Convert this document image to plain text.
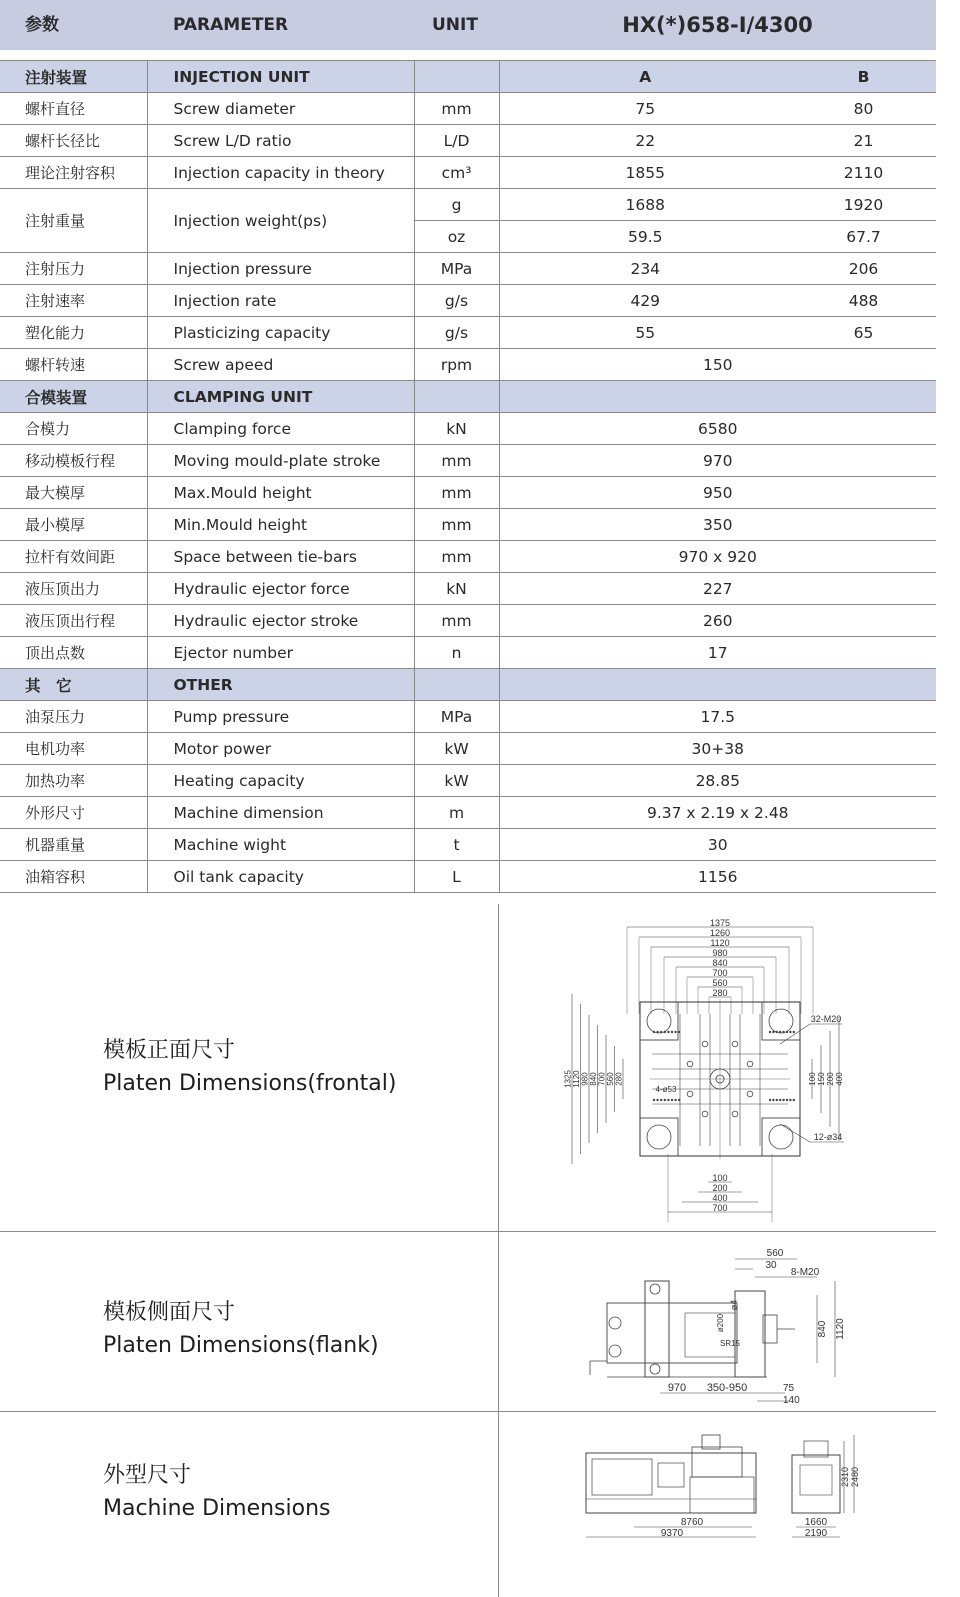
参数	PARAMETER	UNIT	HX(*)658-Ⅰ/4300
注射装置	INJECTION UNIT		A	B
螺杆直径	Screw diameter	mm	75	80
螺杆长径比	Screw L/D ratio	L/D	22	21
理论注射容积	Injection capacity in theory	cm³	1855	2110
注射重量	Injection weight(ps)	g	1688	1920
		oz	59.5	67.7
注射压力	Injection pressure	MPa	234	206
注射速率	Injection rate	g/s	429	488
塑化能力	Plasticizing capacity	g/s	55	65
螺杆转速	Screw apeed	rpm	150	
合模装置	CLAMPING UNIT			
合模力	Clamping force	kN	6580	
移动模板行程	Moving mould-plate stroke	mm	970	
最大模厚	Max.Mould height	mm	950	
最小模厚	Min.Mould height	mm	350	
拉杆有效间距	Space between tie-bars	mm	970 x 920	
液压顶出力	Hydraulic ejector force	kN	227	
液压顶出行程	Hydraulic ejector stroke	mm	260	
顶出点数	Ejector number	n	17	
其　它	OTHER			
油泵压力	Pump pressure	MPa	17.5	
电机功率	Motor power	kW	30+38	
加热功率	Heating capacity	kW	28.85	
外形尺寸	Machine dimension	m	9.37 x 2.19 x 2.48	
机器重量	Machine wight	t	30	
油箱容积	Oil tank capacity	L	1156	
模板正面尺寸
Platen Dimensions(frontal)
1375
1260
1120
980
840
700
560
280
1325 1120 980 840 700 560 280	100 150 200 400
100
200
400
700
32-M20
12-ø34
4-ø53
模板侧面尺寸
Platen Dimensions(flank)
560
30
8-M20
ø4
ø200
SR15
840 1120
970 350-950	75
140
外型尺寸
Machine Dimensions
8760
9370
1660
2190
2310 2480
